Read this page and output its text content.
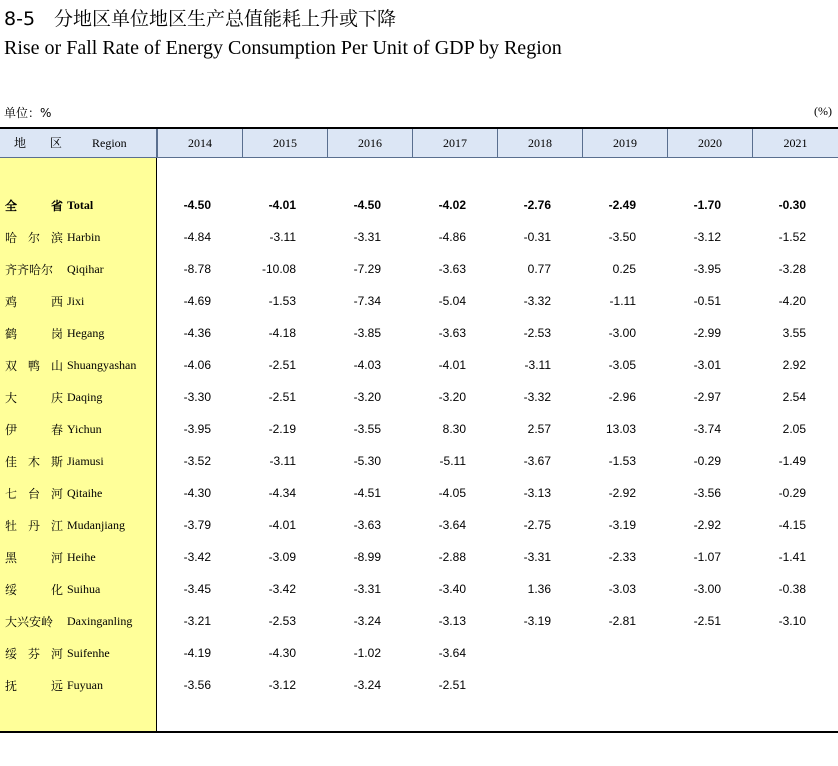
8-5　分地区单位地区生产总值能耗上升或下降
Rise or Fall Rate of Energy Consumption Per Unit of GDP by Region
单位：%	(%)
地 区 Region	2014	2015	2016	2017	2018	2019	2020	2021
全	省 Total	-4.50	-4.01	-4.50	-4.02	-2.76	-2.49	-1.70	-0.30
哈 尔 滨 Harbin	-4.84	-3.11	-3.31	-4.86	-0.31	-3.50	-3.12	-1.52
齐齐哈尔 Qiqihar	-8.78	-10.08	-7.29	-3.63	0.77	0.25	-3.95	-3.28
鸡	西 Jixi	-4.69	-1.53	-7.34	-5.04	-3.32	-1.11	-0.51	-4.20
鹤	岗 Hegang	-4.36	-4.18	-3.85	-3.63	-2.53	-3.00	-2.99	3.55
双 鸭 山 Shuangyashan	-4.06	-2.51	-4.03	-4.01	-3.11	-3.05	-3.01	2.92
大	庆 Daqing	-3.30	-2.51	-3.20	-3.20	-3.32	-2.96	-2.97	2.54
伊	春 Yichun	-3.95	-2.19	-3.55	8.30	2.57	13.03	-3.74	2.05
佳 木 斯 Jiamusi	-3.52	-3.11	-5.30	-5.11	-3.67	-1.53	-0.29	-1.49
七 台 河 Qitaihe	-4.30	-4.34	-4.51	-4.05	-3.13	-2.92	-3.56	-0.29
牡 丹 江 Mudanjiang	-3.79	-4.01	-3.63	-3.64	-2.75	-3.19	-2.92	-4.15
黑	河 Heihe	-3.42	-3.09	-8.99	-2.88	-3.31	-2.33	-1.07	-1.41
绥	化 Suihua	-3.45	-3.42	-3.31	-3.40	1.36	-3.03	-3.00	-0.38
大兴安岭 Daxinganling	-3.21	-2.53	-3.24	-3.13	-3.19	-2.81	-2.51	-3.10
绥 芬 河 Suifenhe	-4.19	-4.30	-1.02	-3.64
抚	远 Fuyuan	-3.56	-3.12	-3.24	-2.51
